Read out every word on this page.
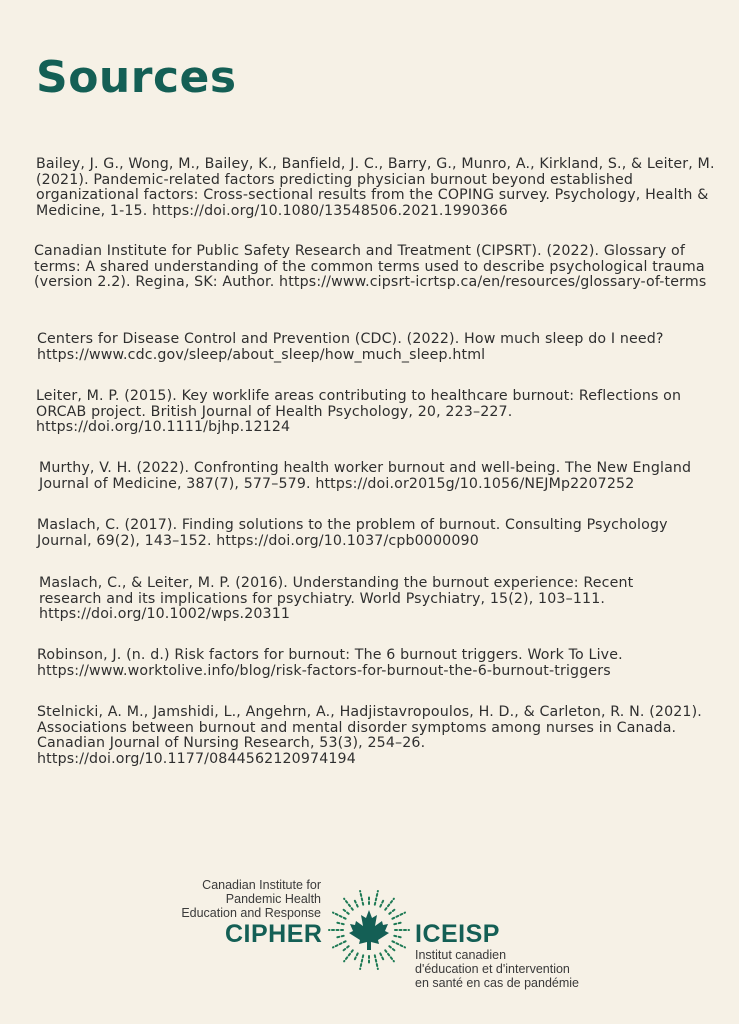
Sources

Bailey, J. G., Wong, M., Bailey, K., Banfield, J. C., Barry, G., Munro, A., Kirkland, S., & Leiter, M. (2021). Pandemic-related factors predicting physician burnout beyond established organizational factors: Cross-sectional results from the COPING survey. Psychology, Health & Medicine, 1-15. https://doi.org/10.1080/13548506.2021.1990366

Canadian Institute for Public Safety Research and Treatment (CIPSRT). (2022). Glossary of terms: A shared understanding of the common terms used to describe psychological trauma (version 2.2). Regina, SK: Author. https://www.cipsrt-icrtsp.ca/en/resources/glossary-of-terms

Centers for Disease Control and Prevention (CDC). (2022). How much sleep do I need? https://www.cdc.gov/sleep/about_sleep/how_much_sleep.html

Leiter, M. P. (2015). Key worklife areas contributing to healthcare burnout: Reflections on ORCAB project. British Journal of Health Psychology, 20, 223–227. https://doi.org/10.1111/bjhp.12124

Murthy, V. H. (2022). Confronting health worker burnout and well-being. The New England Journal of Medicine, 387(7), 577–579. https://doi.or2015g/10.1056/NEJMp2207252

Maslach, C. (2017). Finding solutions to the problem of burnout. Consulting Psychology Journal, 69(2), 143–152. https://doi.org/10.1037/cpb0000090

Maslach, C., & Leiter, M. P. (2016). Understanding the burnout experience: Recent research and its implications for psychiatry. World Psychiatry, 15(2), 103–111. https://doi.org/10.1002/wps.20311

Robinson, J. (n. d.) Risk factors for burnout: The 6 burnout triggers. Work To Live. https://www.worktolive.info/blog/risk-factors-for-burnout-the-6-burnout-triggers

Stelnicki, A. M., Jamshidi, L., Angehrn, A., Hadjistavropoulos, H. D., & Carleton, R. N. (2021). Associations between burnout and mental disorder symptoms among nurses in Canada. Canadian Journal of Nursing Research, 53(3), 254–26. https://doi.org/10.1177/0844562120974194

Canadian Institute for
Pandemic Health
Education and Response
CIPHER	ICEISP
Institut canadien
d'éducation et d'intervention
en santé en cas de pandémie
